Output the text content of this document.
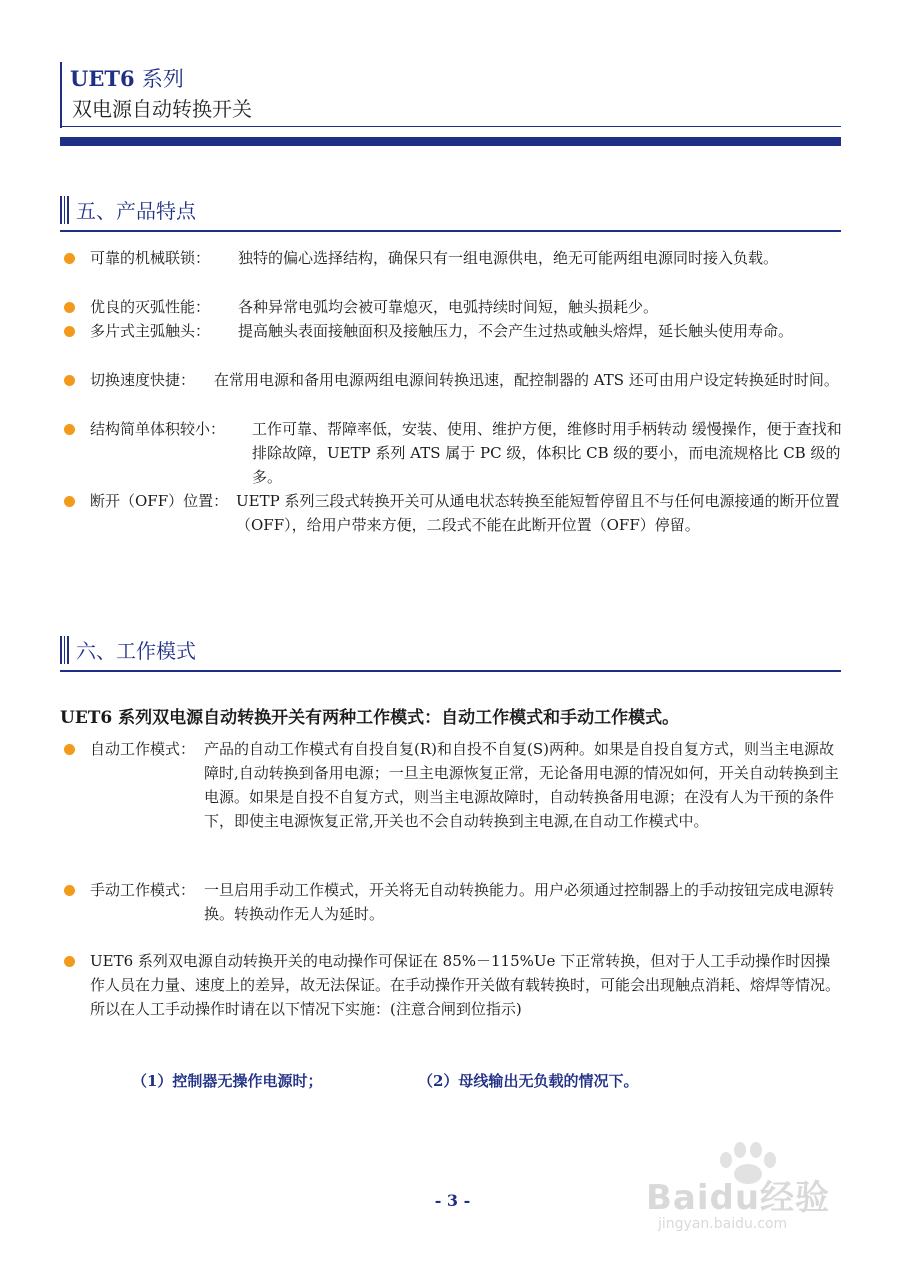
UET6 系列
双电源自动转换开关
五、产品特点
可靠的机械联锁：	独特的偏心选择结构，确保只有一组电源供电，绝无可能两组电源同时接入负载。
优良的灭弧性能：	各种异常电弧均会被可靠熄灭，电弧持续时间短，触头损耗少。
多片式主弧触头：	提高触头表面接触面积及接触压力，不会产生过热或触头熔焊，延长触头使用寿命。
切换速度快捷：	在常用电源和备用电源两组电源间转换迅速，配控制器的 ATS 还可由用户设定转换延时时间。
结构简单体积较小：	工作可靠、帮障率低，安装、使用、维护方便，维修时用手柄转动 缓慢操作，便于查找和排除故障，UETP 系列 ATS 属于 PC 级，体积比 CB 级的要小，而电流规格比 CB 级的多。
断开（OFF）位置： UETP 系列三段式转换开关可从通电状态转换至能短暂停留且不与任何电源接通的断开位置（OFF），给用户带来方便，二段式不能在此断开位置（OFF）停留。
六、工作模式
UET6 系列双电源自动转换开关有两种工作模式：自动工作模式和手动工作模式。
自动工作模式： 产品的自动工作模式有自投自复(R)和自投不自复(S)两种。如果是自投自复方式，则当主电源故障时,自动转换到备用电源；一旦主电源恢复正常，无论备用电源的情况如何，开关自动转换到主电源。如果是自投不自复方式，则当主电源故障时，自动转换备用电源；在没有人为干预的条件下，即使主电源恢复正常,开关也不会自动转换到主电源,在自动工作模式中。
手动工作模式： 一旦启用手动工作模式，开关将无自动转换能力。用户必须通过控制器上的手动按钮完成电源转换。转换动作无人为延时。
UET6 系列双电源自动转换开关的电动操作可保证在 85%－115%Ue 下正常转换，但对于人工手动操作时因操作人员在力量、速度上的差异，故无法保证。在手动操作开关做有载转换时，可能会出现触点消耗、熔焊等情况。所以在人工手动操作时请在以下情况下实施：(注意合闸到位指示)
（1）控制器无操作电源时；	（2）母线输出无负载的情况下。
- 3 -	Baidu经验
jingyan.baidu.com
